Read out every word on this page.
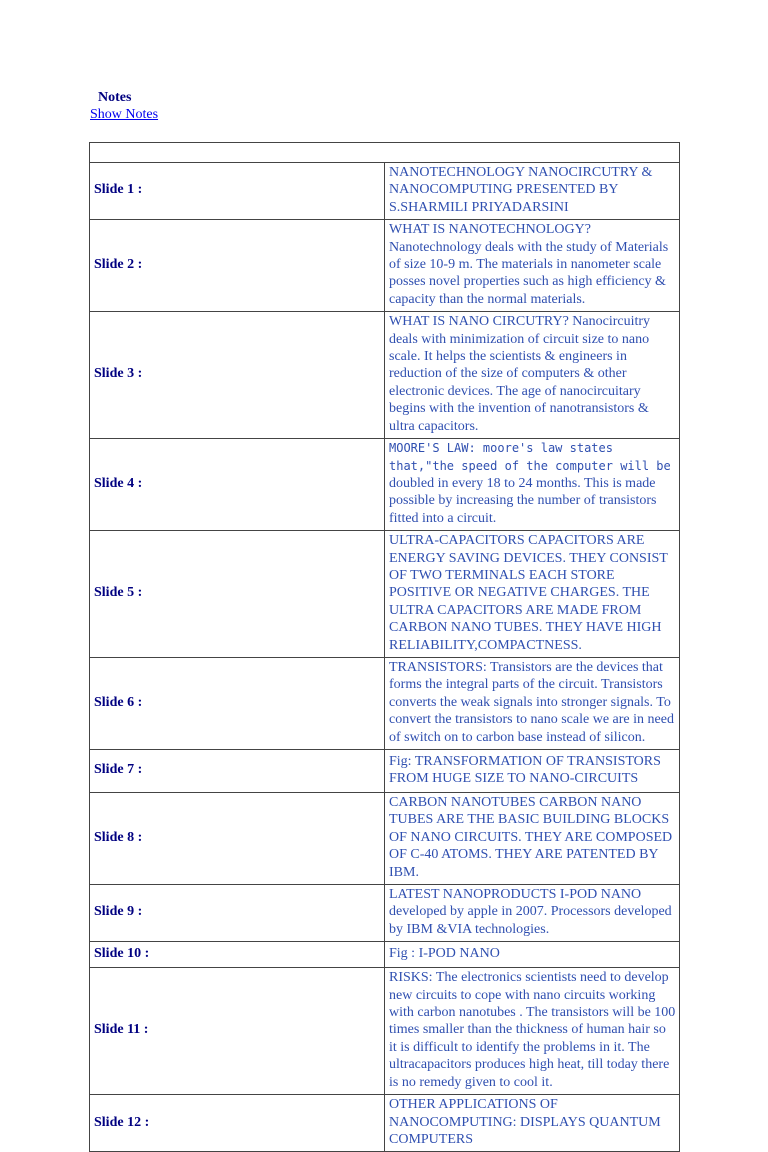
Notes
Show Notes

Slide 1 :	NANOTECHNOLOGY NANOCIRCUTRY & NANOCOMPUTING PRESENTED BY S.SHARMILI PRIYADARSINI
Slide 2 :	WHAT IS NANOTECHNOLOGY? Nanotechnology deals with the study of Materials of size 10-9 m. The materials in nanometer scale posses novel properties such as high efficiency & capacity than the normal materials.
Slide 3 :	WHAT IS NANO CIRCUTRY? Nanocircuitry deals with minimization of circuit size to nano scale. It helps the scientists & engineers in reduction of the size of computers & other electronic devices. The age of nanocircuitary begins with the invention of nanotransistors & ultra capacitors.
Slide 4 :	MOORE'S LAW: moore's law states that,"the speed of the computer will be doubled in every 18 to 24 months. This is made possible by increasing the number of transistors fitted into a circuit.
Slide 5 :	ULTRA-CAPACITORS CAPACITORS ARE ENERGY SAVING DEVICES. THEY CONSIST OF TWO TERMINALS EACH STORE POSITIVE OR NEGATIVE CHARGES. THE ULTRA CAPACITORS ARE MADE FROM CARBON NANO TUBES. THEY HAVE HIGH RELIABILITY,COMPACTNESS.
Slide 6 :	TRANSISTORS: Transistors are the devices that forms the integral parts of the circuit. Transistors converts the weak signals into stronger signals. To convert the transistors to nano scale we are in need of switch on to carbon base instead of silicon.
Slide 7 :	Fig: TRANSFORMATION OF TRANSISTORS FROM HUGE SIZE TO NANO-CIRCUITS
Slide 8 :	CARBON NANOTUBES CARBON NANO TUBES ARE THE BASIC BUILDING BLOCKS OF NANO CIRCUITS. THEY ARE COMPOSED OF C-40 ATOMS. THEY ARE PATENTED BY IBM.
Slide 9 :	LATEST NANOPRODUCTS I-POD NANO developed by apple in 2007. Processors developed by IBM &VIA technologies.
Slide 10 :	Fig : I-POD NANO
Slide 11 :	RISKS: The electronics scientists need to develop new circuits to cope with nano circuits working with carbon nanotubes . The transistors will be 100 times smaller than the thickness of human hair so it is difficult to identify the problems in it. The ultracapacitors produces high heat, till today there is no remedy given to cool it.
Slide 12 :	OTHER APPLICATIONS OF NANOCOMPUTING: DISPLAYS QUANTUM COMPUTERS
